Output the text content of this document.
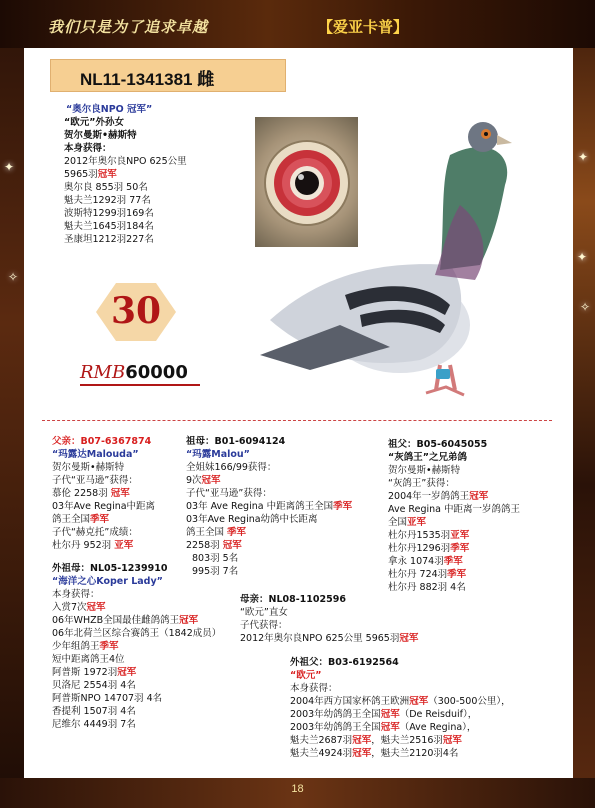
我们只是为了追求卓越	【爱亚卡普】
✦
✧
✦
✧
✦
NL11-1341381 雌
“奥尔良NPO 冠军”
“欧元”外孙女
贺尔曼斯•赫斯特
本身获得：
2012年奥尔良NPO 625公里
5965羽冠军
奥尔良 855羽 50名
魁夫兰1292羽 77名
波斯特1299羽169名
魁夫兰1645羽184名
圣康坦1212羽227名
30
RMB60000
父亲：B07-6367874
“玛露达Malouda”
贺尔曼斯•赫斯特
子代“亚马逊”获得：
慕伦 2258羽 冠军
03年Ave Regina中距离
鸽王全国季军
子代“赫克托”成绩：
杜尔丹 952羽 亚军
外祖母：NL05-1239910
“海洋之心Koper Lady”
本身获得：
入赏7次冠军
06年WHZB全国最佳雌鸽鸽王冠军
06年北荷兰区综合赛鸽王（1842成员）
少年组鸽王季军
短中距离鸽王4位
阿普斯 1972羽冠军
贝洛尼 2554羽 4名
阿普斯NPO 14707羽 4名
香提利 1507羽 4名
尼维尔 4449羽 7名
祖母：B01-6094124
“玛露Malou”
全姐妹166/99获得：
9次冠军
子代“亚马逊”获得：
03年 Ave Regina 中距离鸽王全国季军
03年Ave Regina幼鸽中长距离
鸽王全国 季军
2258羽 冠军
803羽 5名
995羽 7名
祖父：B05-6045055
“灰鸽王”之兄弟鸽
贺尔曼斯•赫斯特
“灰鸽王”获得：
2004年一岁鸽鸽王冠军
Ave Regina 中距离一岁鸽鸽王
全国亚军
杜尔丹1535羽亚军
杜尔丹1296羽季军
拿永 1074羽季军
杜尔丹 724羽季军
杜尔丹 882羽 4名
母亲：NL08-1102596
“欧元”直女
子代获得：
2012年奥尔良NPO 625公里 5965羽冠军
外祖父：B03-6192564
“欧元”
本身获得：
2004年西方国家杯鸽王欧洲冠军（300-500公里），
2003年幼鸽鸽王全国冠军（De Reisduif），
2003年幼鸽鸽王全国冠军（Ave Regina），
魁夫兰2687羽冠军，魁夫兰2516羽冠军
魁夫兰4924羽冠军，魁夫兰2120羽4名
18
